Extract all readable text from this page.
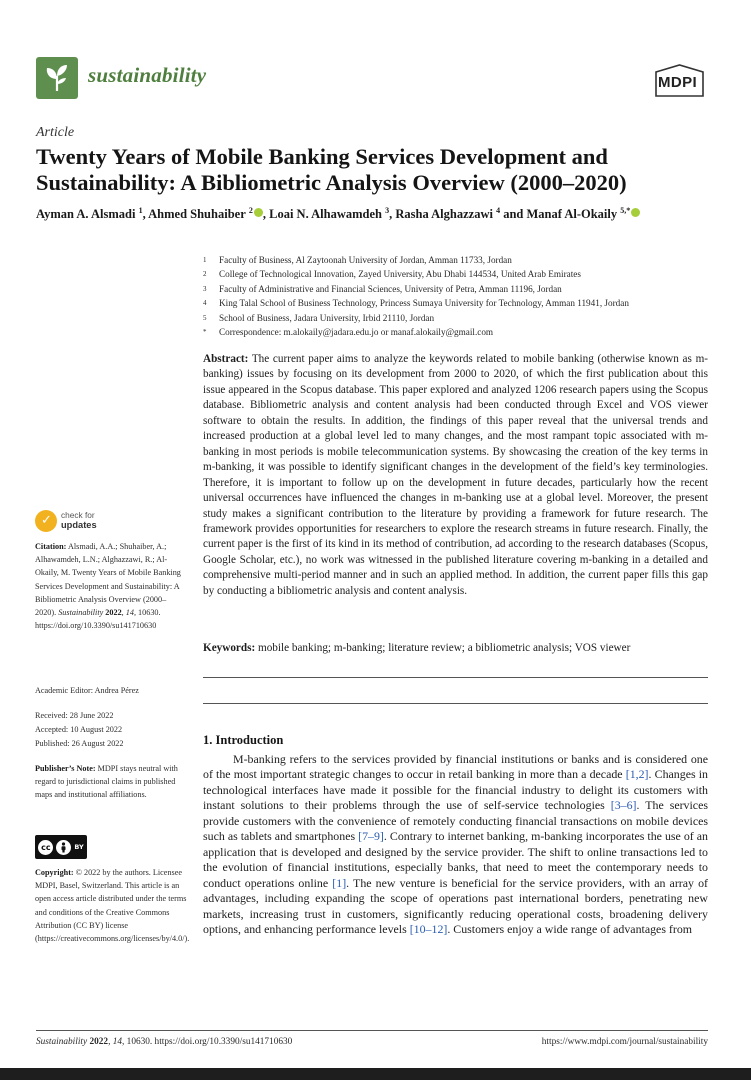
sustainability	MDPI
Article
Twenty Years of Mobile Banking Services Development and Sustainability: A Bibliometric Analysis Overview (2000–2020)
Ayman A. Alsmadi $^1$, Ahmed Shuhaiber $^2$ , Loai N. Alhawamdeh $^3$, Rasha Alghazzawi $^4$ and Manaf Al-Okaily $^{5,*}$
1	Faculty of Business, Al Zaytoonah University of Jordan, Amman 11733, Jordan
2	College of Technological Innovation, Zayed University, Abu Dhabi 144534, United Arab Emirates
3	Faculty of Administrative and Financial Sciences, University of Petra, Amman 11196, Jordan
4	King Talal School of Business Technology, Princess Sumaya University for Technology, Amman 11941, Jordan
5	School of Business, Jadara University, Irbid 21110, Jordan
*	Correspondence: m.alokaily@jadara.edu.jo or manaf.alokaily@gmail.com
Abstract: The current paper aims to analyze the keywords related to mobile banking (otherwise known as m-banking) issues by focusing on its development from 2000 to 2020, of which the first publication about this issue appeared in the Scopus database. This paper explored and analyzed 1206 research papers using the Scopus database. Bibliometric analysis and content analysis had been conducted through Excel and VOS viewer software to obtain the results. In addition, the findings of this paper reveal that the universal trends and increased production at a global level led to many changes, and the most rampant topic associated with m-banking in most periods is mobile telecommunication systems. By showcasing the creation of the key terms in m-banking, it was possible to identify significant changes in the development of the field’s key terminologies. Therefore, it is important to follow up on the development in future decades, particularly how the recent universal occurrences have influenced the changes in m-banking use at a global level. Moreover, the present study makes a significant contribution to the literature by providing a framework for future research. The framework provides opportunities for researchers to explore the research streams in future research. Finally, the current paper is the first of its kind in its method of contribution, ad according to the research databases (Scopus, Google Scholar, etc.), no work was witnessed in the published literature covering m-banking in a detailed and comprehensive multi-period manner and in such an applied method. In addition, the current paper fills this gap by conducting a bibliometric analysis and content analysis.
Keywords: mobile banking; m-banking; literature review; a bibliometric analysis; VOS viewer
1. Introduction
M-banking refers to the services provided by financial institutions or banks and is considered one of the most important strategic changes to occur in retail banking in more than a decade [1,2]. Changes in technological interfaces have made it possible for the financial industry to delight its customers with instant solutions to their problems through the use of self-service technologies [3–6]. The services provide customers with the convenience of remotely conducting financial transactions on mobile devices such as tablets and smartphones [7–9]. Contrary to internet banking, m-banking incorporates the use of an application that is developed and designed by the service provider. The shift to online transactions led to the evolution of financial institutions, especially banks, that need to meet the contemporary needs to conduct operations online [1]. The new venture is beneficial for the service providers, with an array of advantages, including expanding the scope of operations past international borders, penetrating new markets, increasing trust in customers, significantly reducing operational costs, broadening delivery options, and enhancing performance levels [10–12]. Customers enjoy a wide range of advantages from
✓ check for
updates
Citation: Alsmadi, A.A.; Shuhaiber, A.; Alhawamdeh, L.N.; Alghazzawi, R.; Al-Okaily, M. Twenty Years of Mobile Banking Services Development and Sustainability: A Bibliometric Analysis Overview (2000–2020). Sustainability 2022, 14, 10630. https://doi.org/10.3390/su141710630
Academic Editor: Andrea Pérez
Received: 28 June 2022
Accepted: 10 August 2022
Published: 26 August 2022
Publisher’s Note: MDPI stays neutral with regard to jurisdictional claims in published maps and institutional affiliations.
cc	BY
Copyright: © 2022 by the authors. Licensee MDPI, Basel, Switzerland. This article is an open access article distributed under the terms and conditions of the Creative Commons Attribution (CC BY) license (https://creativecommons.org/licenses/by/4.0/).
Sustainability 2022, 14, 10630. https://doi.org/10.3390/su141710630	https://www.mdpi.com/journal/sustainability
